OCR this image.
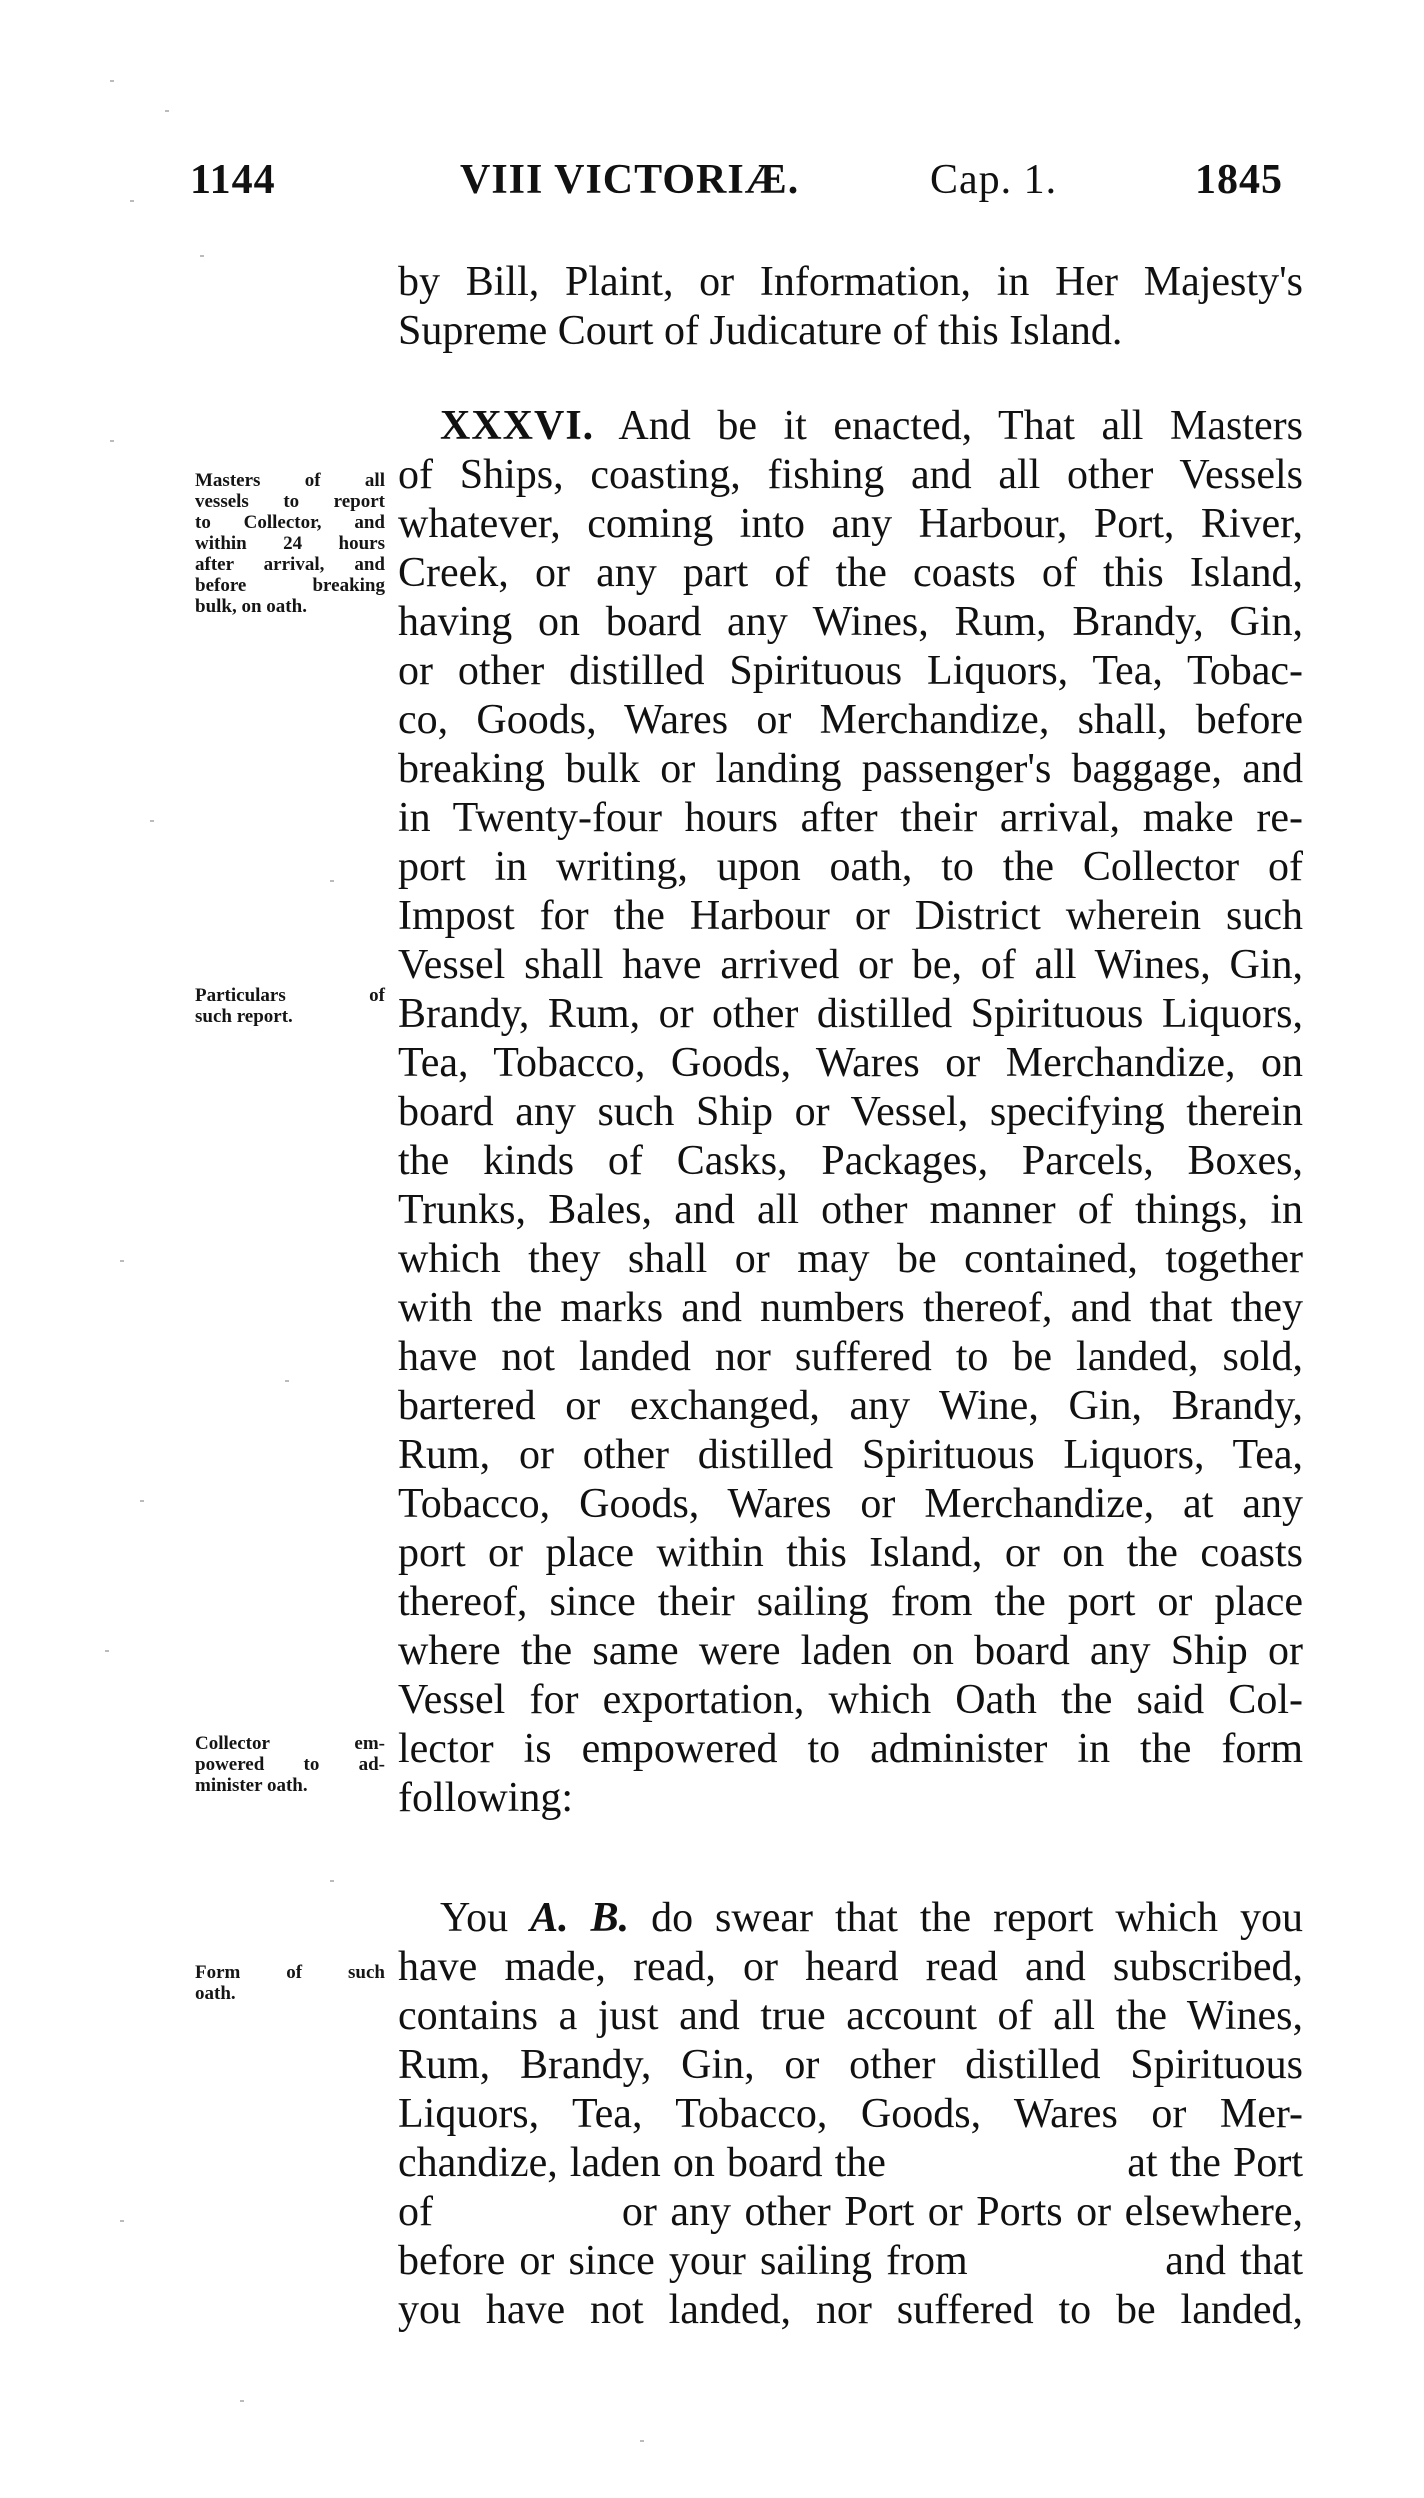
1144	VIII VICTORIÆ.	Cap. 1.	1845
by Bill, Plaint, or Information, in Her Majesty's
Supreme Court of Judicature of this Island.
XXXVI. And be it enacted, That all Masters
of Ships, coasting, fishing and all other Vessels
whatever, coming into any Harbour, Port, River,
Creek, or any part of the coasts of this Island,
having on board any Wines, Rum, Brandy, Gin,
or other distilled Spirituous Liquors, Tea, Tobac-
co, Goods, Wares or Merchandize, shall, before
breaking bulk or landing passenger's baggage, and
in Twenty-four hours after their arrival, make re-
port in writing, upon oath, to the Collector of
Impost for the Harbour or District wherein such
Vessel shall have arrived or be, of all Wines, Gin,
Brandy, Rum, or other distilled Spirituous Liquors,
Tea, Tobacco, Goods, Wares or Merchandize, on
board any such Ship or Vessel, specifying therein
the kinds of Casks, Packages, Parcels, Boxes,
Trunks, Bales, and all other manner of things, in
which they shall or may be contained, together
with the marks and numbers thereof, and that they
have not landed nor suffered to be landed, sold,
bartered or exchanged, any Wine, Gin, Brandy,
Rum, or other distilled Spirituous Liquors, Tea,
Tobacco, Goods, Wares or Merchandize, at any
port or place within this Island, or on the coasts
thereof, since their sailing from the port or place
where the same were laden on board any Ship or
Vessel for exportation, which Oath the said Col-
lector is empowered to administer in the form
following:
You A. B. do swear that the report which you
have made, read, or heard read and subscribed,
contains a just and true account of all the Wines,
Rum, Brandy, Gin, or other distilled Spirituous
Liquors, Tea, Tobacco, Goods, Wares or Mer-
chandize, laden on board the                    at the Port
of              or any other Port or Ports or elsewhere,
before or since your sailing from              and that
you have not landed, nor suffered to be landed,
Masters of all
vessels to report
to Collector, and
within 24 hours
after arrival, and
before breaking
bulk, on oath.
Particulars of
such report.
Collector em-
powered to ad-
minister oath.
Form of such
oath.
